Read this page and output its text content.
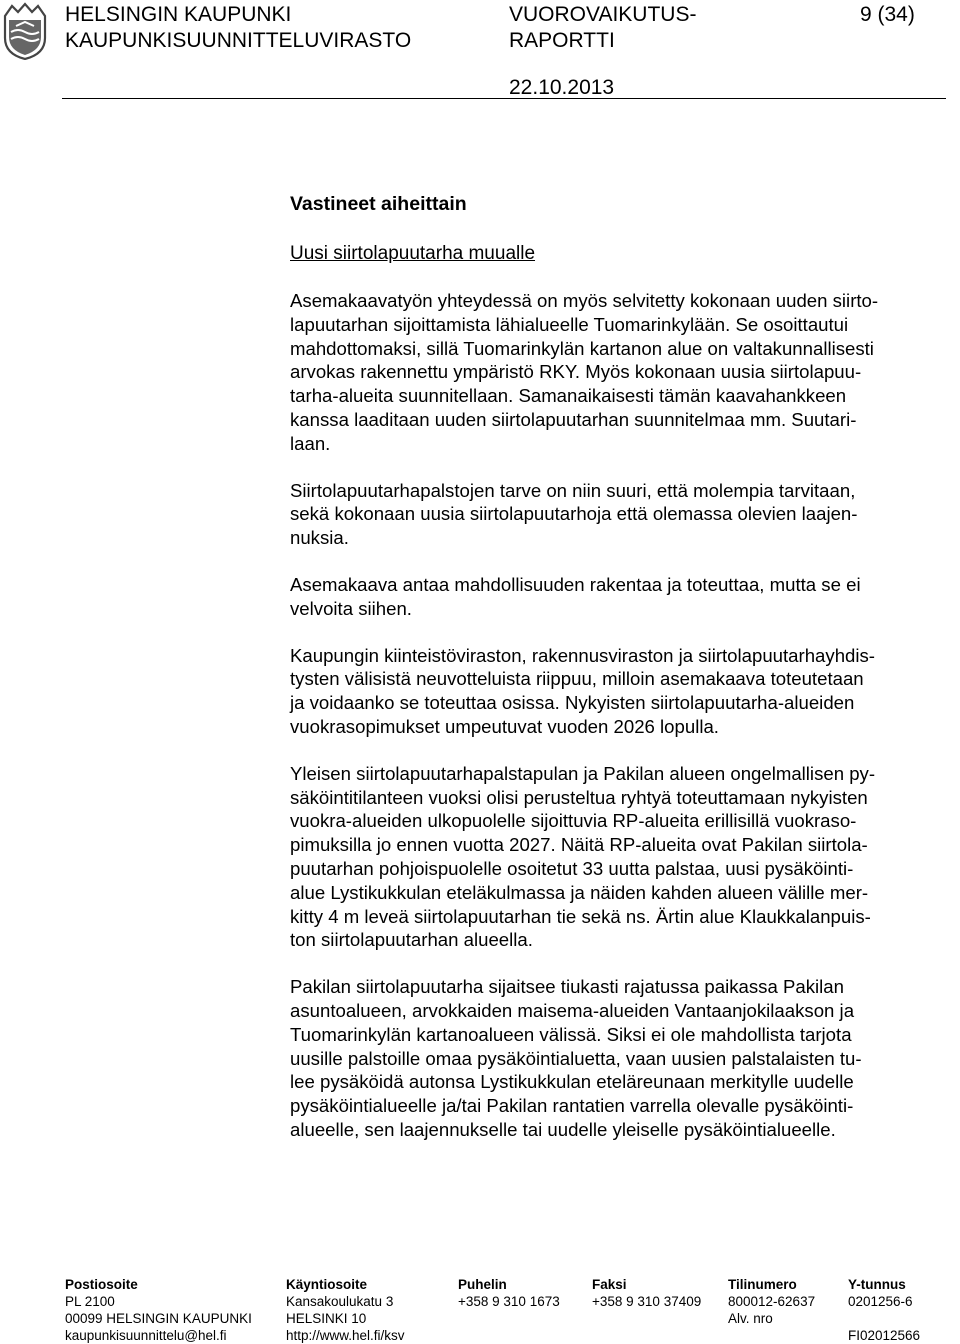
HELSINGIN KAUPUNKI
KAUPUNKISUUNNITTELUVIRASTO
VUOROVAIKUTUS-
RAPORTTI
9 (34)
22.10.2013
Vastineet aiheittain
Uusi siirtolapuutarha muualle

Asemakaavatyön yhteydessä on myös selvitetty kokonaan uuden siirto-

lapuutarhan sijoittamista lähialueelle Tuomarinkylään. Se osoittautui

mahdottomaksi, sillä Tuomarinkylän kartanon alue on valtakunnallisesti

arvokas rakennettu ympäristö RKY. Myös kokonaan uusia siirtolapuu-

tarha-alueita suunnitellaan. Samanaikaisesti tämän kaavahankkeen

kanssa laaditaan uuden siirtolapuutarhan suunnitelmaa mm. Suutari-

laan.

Siirtolapuutarhapalstojen tarve on niin suuri, että molempia tarvitaan,

sekä kokonaan uusia siirtolapuutarhoja että olemassa olevien laajen-

nuksia.

Asemakaava antaa mahdollisuuden rakentaa ja toteuttaa, mutta se ei

velvoita siihen.

Kaupungin kiinteistöviraston, rakennusviraston ja siirtolapuutarhayhdis-

tysten välisistä neuvotteluista riippuu, milloin asemakaava toteutetaan

ja voidaanko se toteuttaa osissa. Nykyisten siirtolapuutarha-alueiden

vuokrasopimukset umpeutuvat vuoden 2026 lopulla.

Yleisen siirtolapuutarhapalstapulan ja Pakilan alueen ongelmallisen py-

säköintitilanteen vuoksi olisi perusteltua ryhtyä toteuttamaan nykyisten

vuokra-alueiden ulkopuolelle sijoittuvia RP-alueita erillisillä vuokraso-

pimuksilla jo ennen vuotta 2027. Näitä RP-alueita ovat Pakilan siirtola-

puutarhan pohjoispuolelle osoitetut 33 uutta palstaa, uusi pysäköinti-

alue Lystikukkulan eteläkulmassa ja näiden kahden alueen välille mer-

kitty 4 m leveä siirtolapuutarhan tie sekä ns. Ärtin alue Klaukkalanpuis-

ton siirtolapuutarhan alueella.

Pakilan siirtolapuutarha sijaitsee tiukasti rajatussa paikassa Pakilan

asuntoalueen, arvokkaiden maisema-alueiden Vantaanjokilaakson ja

Tuomarinkylän kartanoalueen välissä. Siksi ei ole mahdollista tarjota

uusille palstoille omaa pysäköintialuetta, vaan uusien palstalaisten tu-

lee pysäköidä autonsa Lystikukkulan eteläreunaan merkitylle uudelle

pysäköintialueelle ja/tai Pakilan rantatien varrella olevalle pysäköinti-

alueelle, sen laajennukselle tai uudelle yleiselle pysäköintialueelle.

Postiosoite
PL 2100
00099 HELSINGIN KAUPUNKI
kaupunkisuunnittelu@hel.fi
Käyntiosoite
Kansakoulukatu 3
HELSINKI 10
http://www.hel.fi/ksv
Puhelin
+358 9 310 1673
Faksi
+358 9 310 37409
Tilinumero
800012-62637
Alv. nro
Y-tunnus
0201256-6

FI02012566
